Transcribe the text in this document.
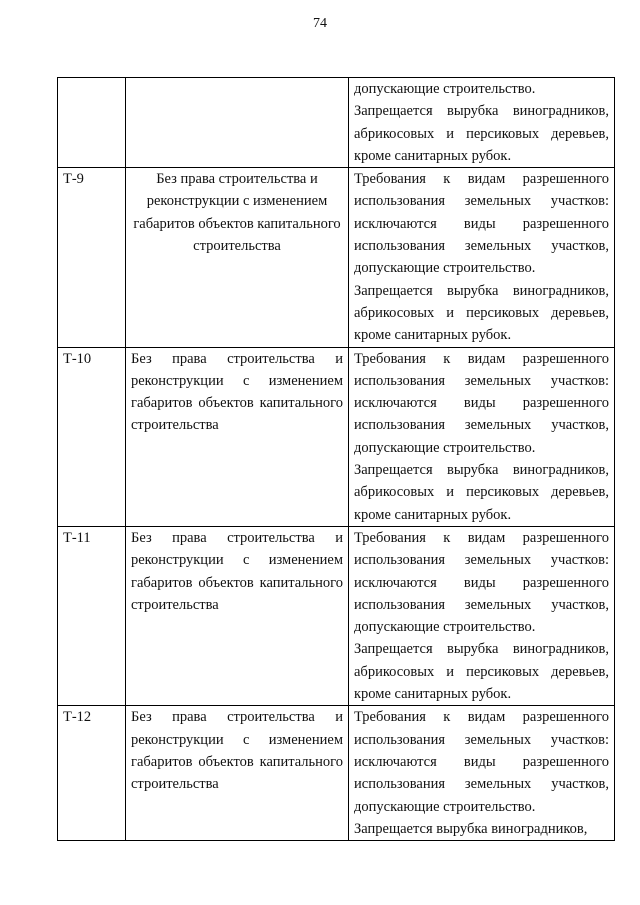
74

		допускающие строительство.

Запрещается вырубка виноградников, абрикосовых и персиковых деревьев, кроме санитарных рубок.

Т-9	Без права строительства и реконструкции с изменением габаритов объектов капитального строительства	Требования к видам разрешенного использования земельных участков: исключаются виды разрешенного использования земельных участков, допускающие строительство.

Запрещается вырубка виноградников, абрикосовых и персиковых деревьев, кроме санитарных рубок.

Т-10	Без права строительства и реконструкции с изменением габаритов объектов капитального строительства	Требования к видам разрешенного использования земельных участков: исключаются виды разрешенного использования земельных участков, допускающие строительство.

Запрещается вырубка виноградников, абрикосовых и персиковых деревьев, кроме санитарных рубок.

Т-11	Без права строительства и реконструкции с изменением габаритов объектов капитального строительства	Требования к видам разрешенного использования земельных участков: исключаются виды разрешенного использования земельных участков, допускающие строительство.

Запрещается вырубка виноградников, абрикосовых и персиковых деревьев, кроме санитарных рубок.

Т-12	Без права строительства и реконструкции с изменением габаритов объектов капитального строительства	Требования к видам разрешенного использования земельных участков: исключаются виды разрешенного использования земельных участков, допускающие строительство.

Запрещается вырубка виноградников,
